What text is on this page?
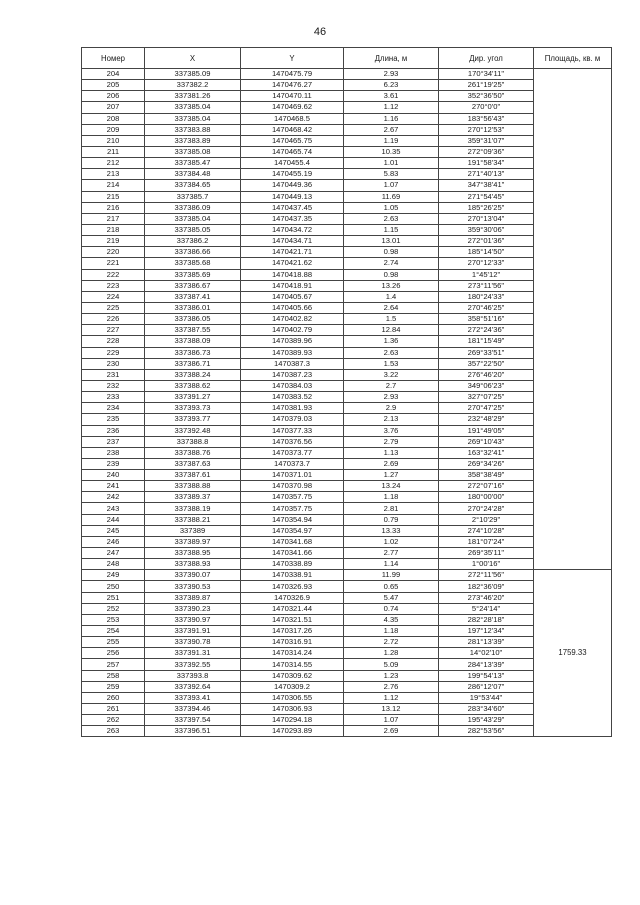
46
Номер	X	Y	Длина, м	Дир. угол	Площадь, кв. м
204	337385.09	1470475.79	2.93	170°34'11"	
205	337382.2	1470476.27	6.23	261°19'25"	
206	337381.26	1470470.11	3.61	352°36'50"	
207	337385.04	1470469.62	1.12	270°0'0"	
208	337385.04	1470468.5	1.16	183°56'43"	
209	337383.88	1470468.42	2.67	270°12'53"	
210	337383.89	1470465.75	1.19	359°31'07"	
211	337385.08	1470465.74	10.35	272°09'36"	
212	337385.47	1470455.4	1.01	191°58'34"	
213	337384.48	1470455.19	5.83	271°40'13"	
214	337384.65	1470449.36	1.07	347°38'41"	
215	337385.7	1470449.13	11.69	271°54'45"	
216	337386.09	1470437.45	1.05	185°26'25"	
217	337385.04	1470437.35	2.63	270°13'04"	
218	337385.05	1470434.72	1.15	359°30'06"	
219	337386.2	1470434.71	13.01	272°01'36"	
220	337386.66	1470421.71	0.98	185°14'50"	
221	337385.68	1470421.62	2.74	270°12'33"	
222	337385.69	1470418.88	0.98	1°45'12"	
223	337386.67	1470418.91	13.26	273°11'56"	
224	337387.41	1470405.67	1.4	180°24'33"	
225	337386.01	1470405.66	2.64	270°46'25"	
226	337386.05	1470402.82	1.5	358°51'16"	
227	337387.55	1470402.79	12.84	272°24'36"	
228	337388.09	1470389.96	1.36	181°15'49"	
229	337386.73	1470389.93	2.63	269°33'51"	
230	337386.71	1470387.3	1.53	357°22'50"	
231	337388.24	1470387.23	3.22	276°46'20"	
232	337388.62	1470384.03	2.7	349°06'23"	
233	337391.27	1470383.52	2.93	327°07'25"	
234	337393.73	1470381.93	2.9	270°47'25"	
235	337393.77	1470379.03	2.13	232°48'29"	
236	337392.48	1470377.33	3.76	191°49'05"	
237	337388.8	1470376.56	2.79	269°10'43"	
238	337388.76	1470373.77	1.13	163°32'41"	
239	337387.63	1470373.7	2.69	269°34'26"	
240	337387.61	1470371.01	1.27	358°38'49"	
241	337388.88	1470370.98	13.24	272°07'16"	
242	337389.37	1470357.75	1.18	180°00'00"	
243	337388.19	1470357.75	2.81	270°24'28"	
244	337388.21	1470354.94	0.79	2°10'29"	
245	337389	1470354.97	13.33	274°10'28"	
246	337389.97	1470341.68	1.02	181°07'24"	
247	337388.95	1470341.66	2.77	269°35'11"	
248	337388.93	1470338.89	1.14	1°00'16"	
249	337390.07	1470338.91	11.99	272°11'56"	1759.33
250	337390.53	1470326.93	0.65	182°36'09"	
251	337389.87	1470326.9	5.47	273°46'20"	
252	337390.23	1470321.44	0.74	5°24'14"	
253	337390.97	1470321.51	4.35	282°28'18"	
254	337391.91	1470317.26	1.18	197°12'34"	
255	337390.78	1470316.91	2.72	281°13'39"	
256	337391.31	1470314.24	1.28	14°02'10"	
257	337392.55	1470314.55	5.09	284°13'39"	
258	337393.8	1470309.62	1.23	199°54'13"	
259	337392.64	1470309.2	2.76	286°12'07"	
260	337393.41	1470306.55	1.12	19°53'44"	
261	337394.46	1470306.93	13.12	283°34'60"	
262	337397.54	1470294.18	1.07	195°43'29"	
263	337396.51	1470293.89	2.69	282°53'56"	
